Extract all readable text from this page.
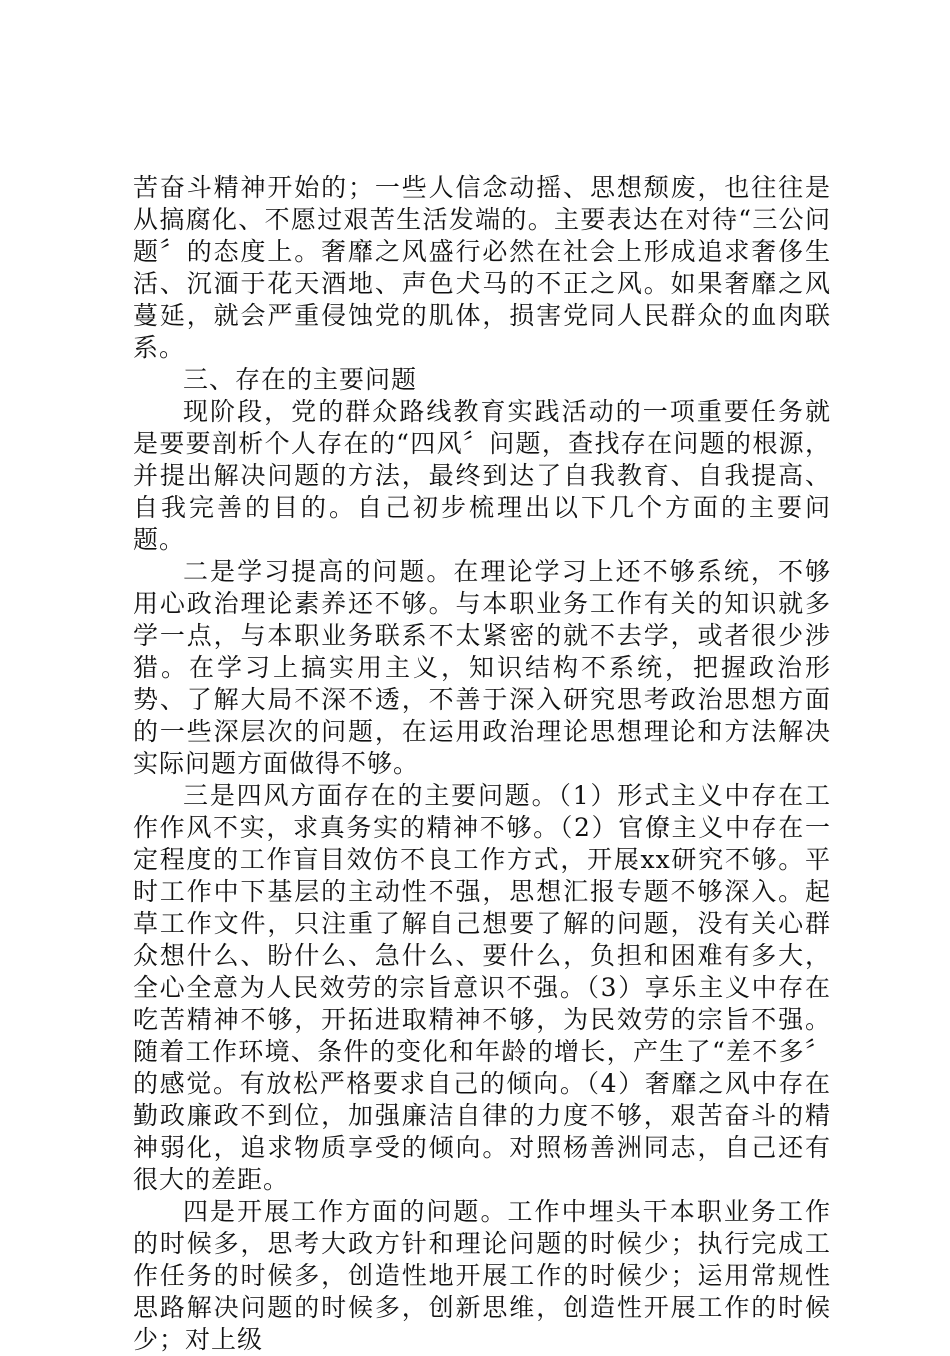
苦奋斗精神开始的；一些人信念动摇、思想颓废，也往往是从搞腐化、不愿过艰苦生活发端的。主要表达在对待“三公问题〞的态度上。奢靡之风盛行必然在社会上形成追求奢侈生活、沉湎于花天酒地、声色犬马的不正之风。如果奢靡之风蔓延，就会严重侵蚀党的肌体，损害党同人民群众的血肉联系。

三、存在的主要问题

现阶段，党的群众路线教育实践活动的一项重要任务就是要要剖析个人存在的“四风〞问题，查找存在问题的根源，并提出解决问题的方法，最终到达了自我教育、自我提高、自我完善的目的。自己初步梳理出以下几个方面的主要问题。

二是学习提高的问题。在理论学习上还不够系统，不够用心政治理论素养还不够。与本职业务工作有关的知识就多学一点，与本职业务联系不太紧密的就不去学，或者很少涉猎。在学习上搞实用主义，知识结构不系统，把握政治形势、了解大局不深不透，不善于深入研究思考政治思想方面的一些深层次的问题，在运用政治理论思想理论和方法解决实际问题方面做得不够。

三是四风方面存在的主要问题。（1）形式主义中存在工作作风不实，求真务实的精神不够。（2）官僚主义中存在一定程度的工作盲目效仿不良工作方式，开展xx研究不够。平时工作中下基层的主动性不强，思想汇报专题不够深入。起草工作文件，只注重了解自己想要了解的问题，没有关心群众想什么、盼什么、急什么、要什么，负担和困难有多大，全心全意为人民效劳的宗旨意识不强。（3）享乐主义中存在吃苦精神不够，开拓进取精神不够，为民效劳的宗旨不强。随着工作环境、条件的变化和年龄的增长，产生了“差不多〞的感觉。有放松严格要求自己的倾向。（4）奢靡之风中存在勤政廉政不到位，加强廉洁自律的力度不够，艰苦奋斗的精神弱化，追求物质享受的倾向。对照杨善洲同志，自己还有很大的差距。

四是开展工作方面的问题。工作中埋头干本职业务工作的时候多，思考大政方针和理论问题的时候少；执行完成工作任务的时候多，创造性地开展工作的时候少；运用常规性思路解决问题的时候多，创新思维，创造性开展工作的时候少；对上级
